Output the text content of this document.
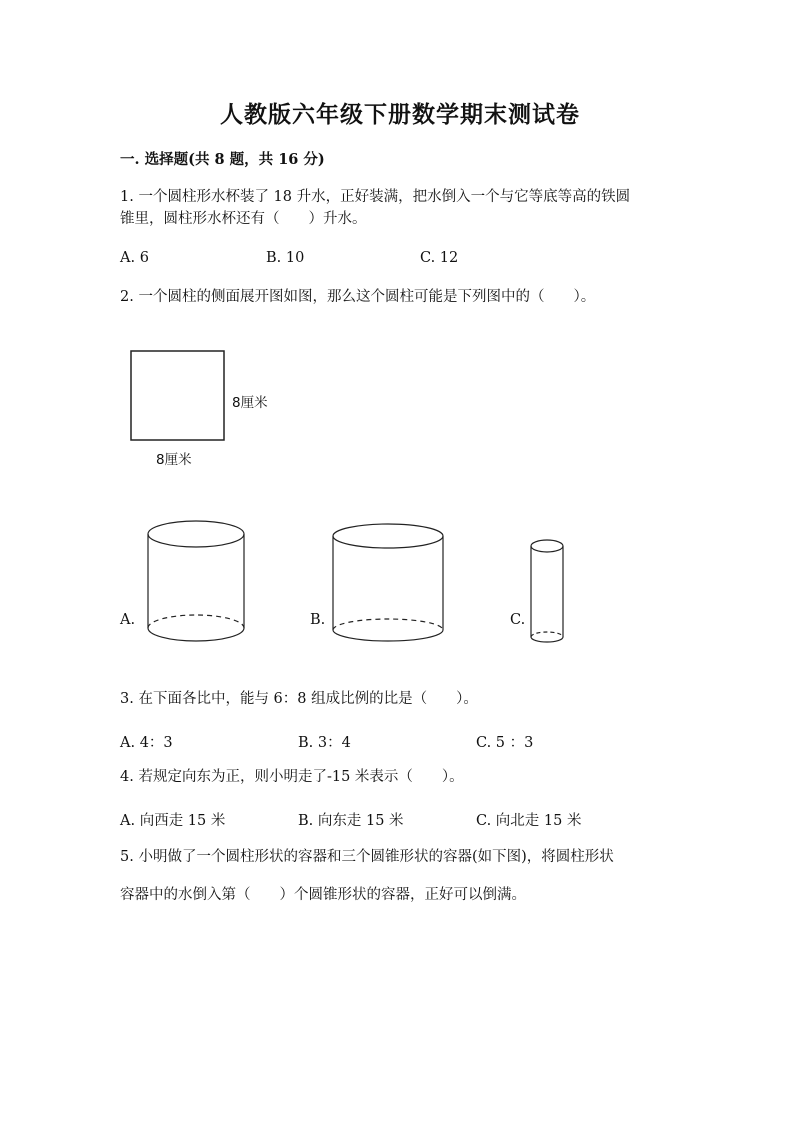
人教版六年级下册数学期末测试卷
一. 选择题(共 8 题，共 16 分)
1. 一个圆柱形水杯装了 18 升水，正好装满，把水倒入一个与它等底等高的铁圆
锥里，圆柱形水杯还有（　　）升水。
A. 6	B. 10	C. 12
2. 一个圆柱的侧面展开图如图，那么这个圆柱可能是下列图中的（　　）。
8厘米
8厘米
A.	B.	C.
3. 在下面各比中，能与 6：8 组成比例的比是（　　）。
A. 4：3	B. 3：4	C. 5 ：3
4. 若规定向东为正，则小明走了-15 米表示（　　）。
A. 向西走 15 米	B. 向东走 15 米	C. 向北走 15 米
5. 小明做了一个圆柱形状的容器和三个圆锥形状的容器(如下图)，将圆柱形状
容器中的水倒入第（　　）个圆锥形状的容器，正好可以倒满。
